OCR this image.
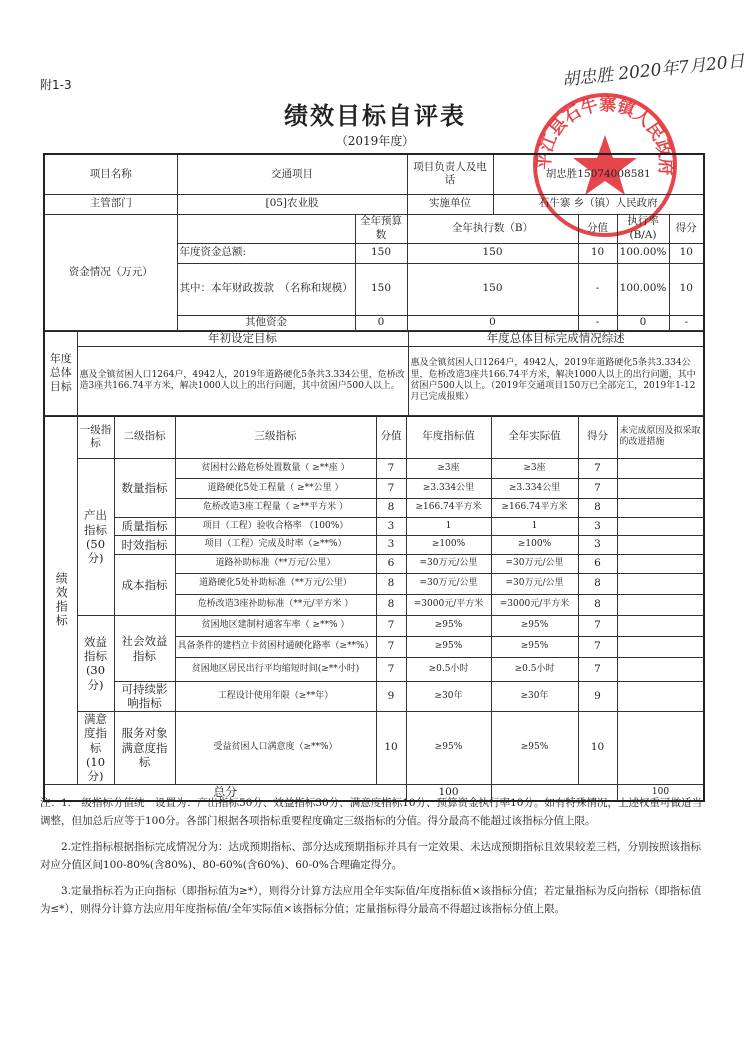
附1-3
绩效目标自评表
（2019年度）
项目名称	交通项目		项目负责人及电话	胡忠胜15074008581			
主管部门	[05]农业股		实施单位	石牛寨 乡（镇）人民政府			
资金情况（万元）		全年预算数	全年执行数（B）		分值	执行率(B/A)	得分
	年度资金总额:	150	150		10	100.00%	10
	其中：本年财政拨款　（名称和规模）	150	150		-	100.00%	10
	其他资金	0	0		-	0	-
年度总体目标	年初设定目标	年度总体目标完成情况综述
	惠及全镇贫困人口1264户，4942人，2019年道路硬化5条共3.334公里，危桥改造3座共166.74平方米，解决1000人以上的出行问题，其中贫困户500人以上。	惠及全镇贫困人口1264户，4942人，2019年道路硬化5条共3.334公里，危桥改造3座共166.74平方米，解决1000人以上的出行问题，其中贫困户500人以上。（2019年交通项目150万已全部完工，2019年1-12月已完成报账）
绩效指标	一级指标	二级指标	三级指标	分值	年度指标值	全年实际值	得分	未完成原因及拟采取的改进措施	
	产出指标(50分)	数量指标	贫困村公路危桥处置数量（ ≥**座 ）	7	≥3座	≥3座	7		
			道路硬化5处工程量（ ≥**公里 ）	7	≥3.334公里	≥3.334公里	7		
			危桥改造3座工程量（ ≥**平方米 ）	8	≥166.74平方米	≥166.74平方米	8		
		质量指标	项目（工程）验收合格率 （100%）	3	1	1	3		
		时效指标	项目（工程）完成及时率（≥**%）	3	≥100%	≥100%	3		
		成本指标	道路补助标准（**万元/公里）	6	=30万元/公里	=30万元/公里	6		
			道路硬化5处补助标准（**万元/公里）	8	=30万元/公里	=30万元/公里	8		
			危桥改造3座补助标准（**元/平方米 ）	8	=3000元/平方米	=3000元/平方米	8		
	效益指标(30分)	社会效益指标	贫困地区建制村通客车率（ ≥**% ）	7	≥95%	≥95%	7		
			具备条件的建档立卡贫困村通硬化路率（≥**%）	7	≥95%	≥95%	7		
			贫困地区居民出行平均缩短时间(≥**小时)	7	≥0.5小时	≥0.5小时	7		
		可持续影响指标	工程设计使用年限（≥**年）	9	≥30年	≥30年	9		
	满意度指标(10分)	服务对象满意度指标	受益贫困人口满意度（≥**%）	10	≥95%	≥95%	10		
总分					100			100	

注：1.一级指标分值统一设置为：产出指标50分、效益指标30分、满意度指标10分、预算资金执行率10分。如有特殊情况，上述权重可做适当调整，但加总后应等于100分。各部门根据各项指标重要程度确定三级指标的分值。得分最高不能超过该指标分值上限。

2.定性指标根据指标完成情况分为：达成预期指标、部分达成预期指标并具有一定效果、未达成预期指标且效果较差三档，分别按照该指标对应分值区间100-80%(含80%)、80-60%(含60%)、60-0%合理确定得分。

3.定量指标若为正向指标（即指标值为≥*），则得分计算方法应用全年实际值/年度指标值×该指标分值；若定量指标为反向指标（即指标值为≤*），则得分计算方法应用年度指标值/全年实际值×该指标分值；定量指标得分最高不得超过该指标分值上限。

平江县石牛寨镇人民政府
胡忠胜 2020年7月20日
